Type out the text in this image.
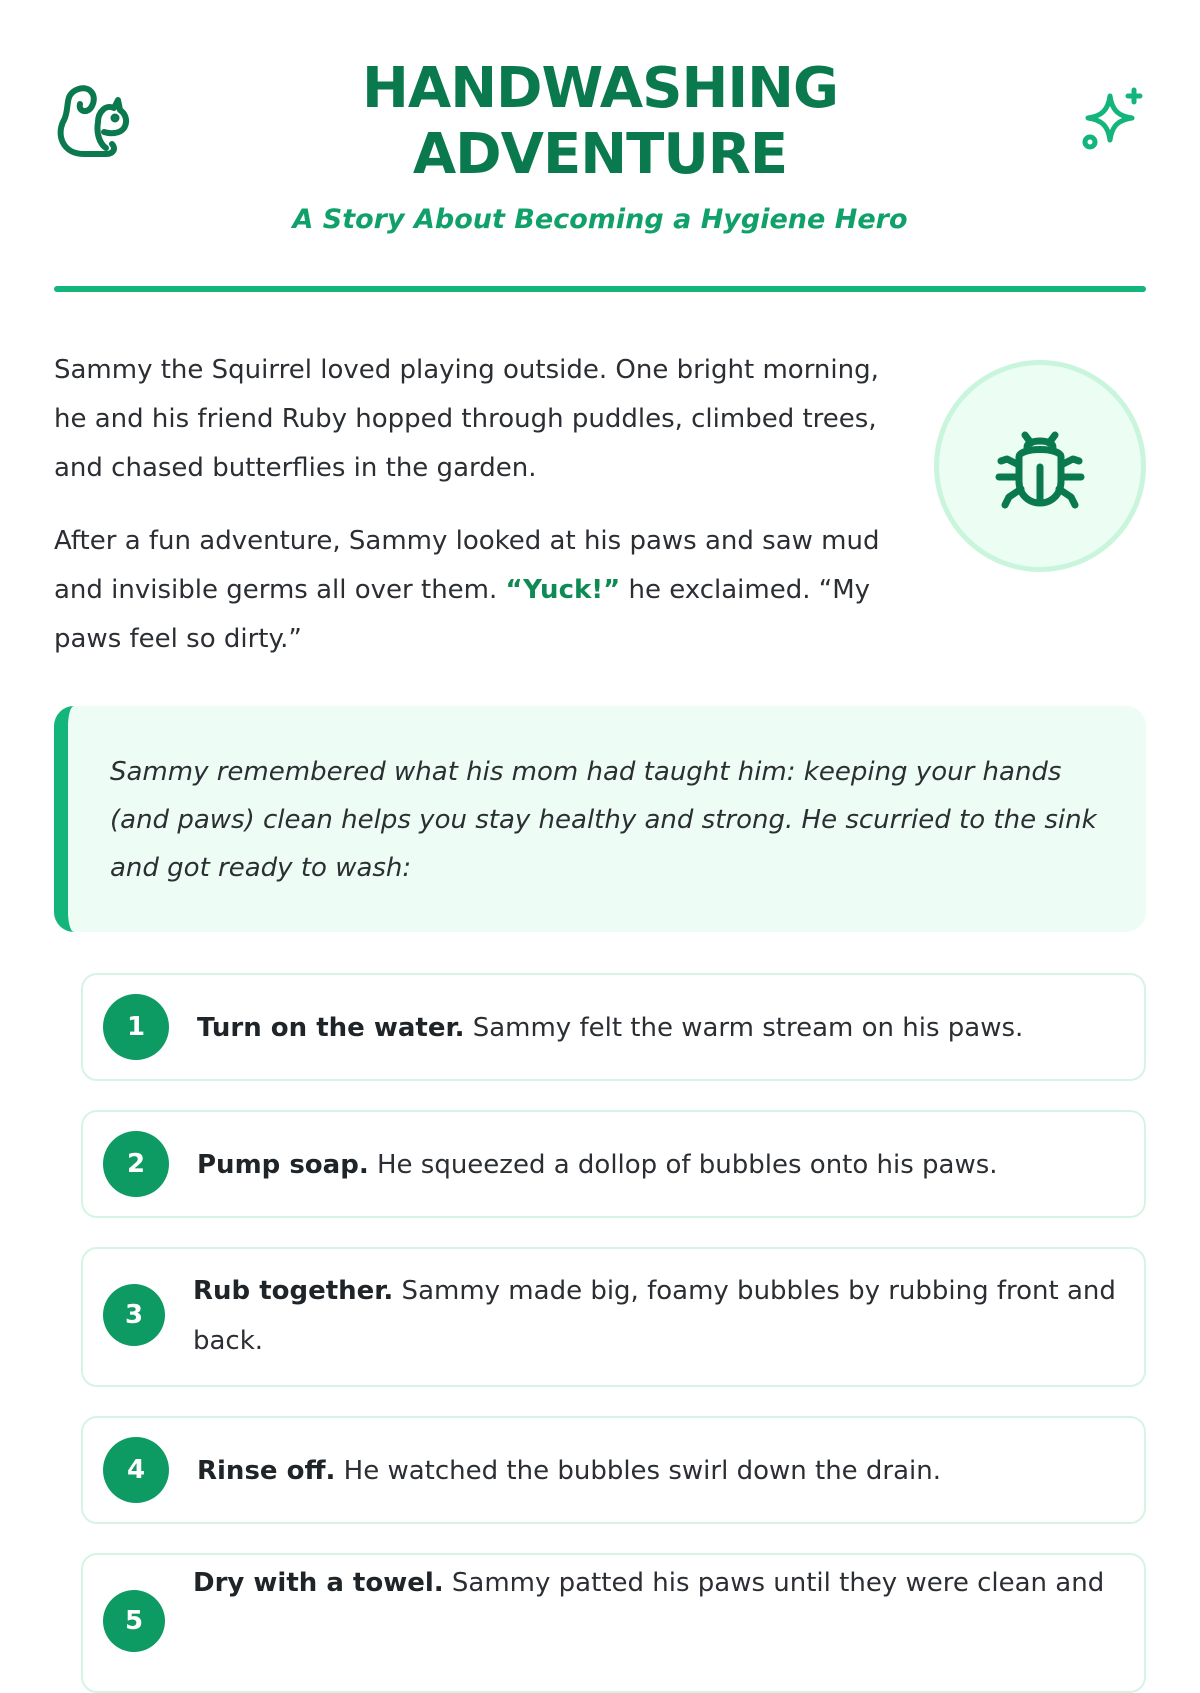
HANDWASHING
ADVENTURE
A Story About Becoming a Hygiene Hero

Sammy the Squirrel loved playing outside. One bright morning, he and his friend Ruby hopped through puddles, climbed trees, and chased butterflies in the garden.

After a fun adventure, Sammy looked at his paws and saw mud and invisible germs all over them. “Yuck!” he exclaimed. “My paws feel so dirty.”

Sammy remembered what his mom had taught him: keeping your hands (and paws) clean helps you stay healthy and strong. He scurried to the sink and got ready to wash:

1	Turn on the water. Sammy felt the warm stream on his paws.
2	Pump soap. He squeezed a dollop of bubbles onto his paws.
3
Rub together. Sammy made big, foamy bubbles by rubbing front and back.
4	Rinse off. He watched the bubbles swirl down the drain.
5
Dry with a towel. Sammy patted his paws until they were clean and
